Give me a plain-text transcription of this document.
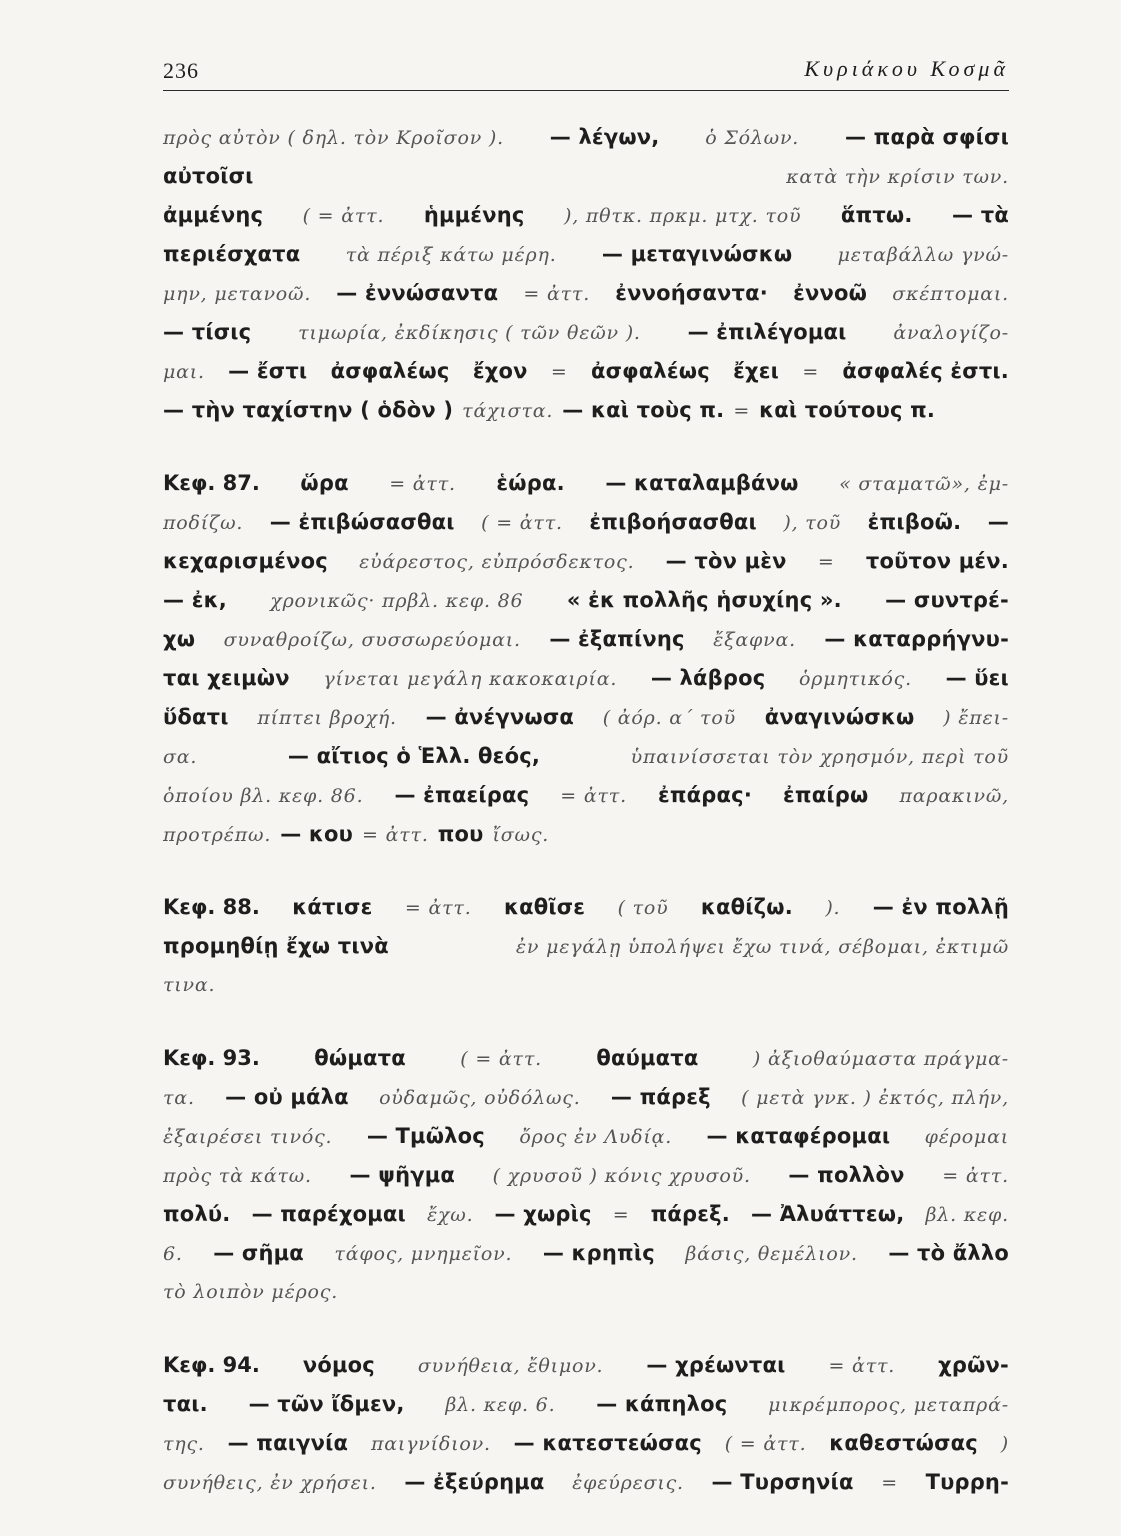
236	Κυριάκου Κοσμᾶ
πρὸς αὐτὸν ( δηλ. τὸν Κροῖσον ). — λέγων, ὁ Σόλων. — παρὰ σφίσι
αὐτοῖσι	κατὰ τὴν κρίσιν των.
ἀμμένης ( = ἀττ. ἡμμένης ), πθτκ. πρκμ. μτχ. τοῦ ἅπτω. — τὰ
περιέσχατα τὰ πέριξ κάτω μέρη. — μεταγινώσκω μεταβάλλω γνώ-
μην, μετανοῶ. — ἐννώσαντα = ἀττ. ἐννοήσαντα· ἐννοῶ σκέπτομαι.
— τίσις τιμωρία, ἐκδίκησις ( τῶν θεῶν ). — ἐπιλέγομαι ἀναλογίζο-
μαι. — ἔστι ἀσφαλέως ἔχον = ἀσφαλέως ἔχει = ἀσφαλές ἐστι.
— τὴν ταχίστην ( ὁδὸν ) τάχιστα. — καὶ τοὺς π. = καὶ τούτους π.
Κεφ. 87. ὥρα = ἀττ. ἑώρα. — καταλαμβάνω « σταματῶ», ἐμ-
ποδίζω. — ἐπιβώσασθαι ( = ἀττ. ἐπιβοήσασθαι ), τοῦ ἐπιβοῶ. —
κεχαρισμένος εὐάρεστος, εὐπρόσδεκτος. — τὸν μὲν = τοῦτον μέν.
— ἐκ, χρονικῶς· πρβλ. κεφ. 86 « ἐκ πολλῆς ἡσυχίης ». — συντρέ-
χω συναθροίζω, συσσωρεύομαι. — ἐξαπίνης ἔξαφνα. — καταρρήγνυ-
ται χειμὼν γίνεται μεγάλη κακοκαιρία. — λάβρος ὁρμητικός. — ὕει
ὕδατι πίπτει βροχή. — ἀνέγνωσα ( ἀόρ. α΄ τοῦ ἀναγινώσκω ) ἔπει-
σα.	— αἴτιος ὁ Ἑλλ. θεός,	ὑπαινίσσεται τὸν χρησμόν, περὶ τοῦ
ὁποίου βλ. κεφ. 86. — ἐπαείρας = ἀττ. ἐπάρας· ἐπαίρω παρακινῶ,
προτρέπω. — κου = ἀττ. που ἴσως.
Κεφ. 88. κάτισε = ἀττ. καθῖσε ( τοῦ καθίζω. ). — ἐν πολλῇ
προμηθίῃ ἔχω τινὰ	ἐν μεγάλῃ ὑπολήψει ἔχω τινά, σέβομαι, ἐκτιμῶ
τινα.
Κεφ. 93.	θώματα	( = ἀττ.	θαύματα	) ἀξιοθαύμαστα πράγμα-
τα. — οὐ μάλα οὐδαμῶς, οὐδόλως. — πάρεξ ( μετὰ γνκ. ) ἐκτός, πλήν,
ἐξαιρέσει τινός. — Τμῶλος ὄρος ἐν Λυδίᾳ. — καταφέρομαι φέρομαι
πρὸς τὰ κάτω. — ψῆγμα ( χρυσοῦ ) κόνις χρυσοῦ. — πολλὸν = ἀττ.
πολύ. — παρέχομαι ἔχω. — χωρὶς = πάρεξ. — Ἀλυάττεω, βλ. κεφ.
6. — σῆμα τάφος, μνημεῖον. — κρηπὶς βάσις, θεμέλιον. — τὸ ἄλλο
τὸ λοιπὸν μέρος.
Κεφ. 94. νόμος συνήθεια, ἔθιμον. — χρέωνται = ἀττ. χρῶν-
ται. — τῶν ἴδμεν, βλ. κεφ. 6. — κάπηλος μικρέμπορος, μεταπρά-
της. — παιγνία παιγνίδιον. — κατεστεώσας ( = ἀττ. καθεστώσας )
συνήθεις, ἐν χρήσει. — ἐξεύρημα ἐφεύρεσις. — Τυρσηνία = Τυρρη-
